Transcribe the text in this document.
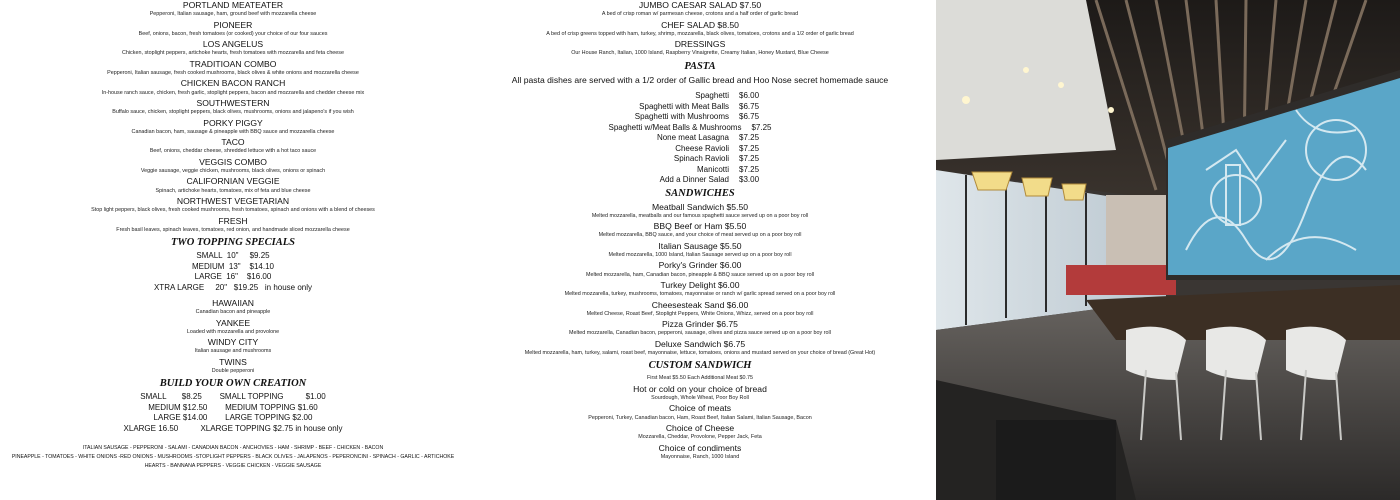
PORTLAND MEATEATER
Pepperoni, Italian sausage, ham, ground beef with mozzarella cheese
PIONEER
Beef, onions, bacon, fresh tomatoes (or cooked) your choice of our four sauces
LOS ANGELUS
Chicken, stoplight peppers, artichoke hearts, fresh tomatoes with mozzarella and feta cheese
TRADITIOAN COMBO
Pepperoni, Italian sausage, fresh cooked mushrooms, black olives & white onions and mozzarella cheese
CHICKEN BACON RANCH
In-house ranch sauce, chicken, fresh garlic, stoplight peppers, bacon and mozzarella and chedder cheese mix
SOUTHWESTERN
Buffalo sauce, chicken, stoplight peppers, black olives, mushrooms, onions and jalapeno's if you wish
PORKY PIGGY
Canadian bacon, ham, sausage & pineapple with BBQ sauce and mozzarella cheese
TACO
Beef, onions, cheddar cheese, shredded lettuce with a hot taco sauce
VEGGIS COMBO
Veggie sausage, veggie chicken, mushrooms, black olives, onions or spinach
CALIFORNIAN VEGGIE
Spinach, artichoke hearts, tomatoes, mix of feta and blue cheese
NORTHWEST VEGETARIAN
Stop light peppers, black olives, fresh cooked mushrooms, fresh tomatoes, spinach and onions with a blend of cheeses
FRESH
Fresh basil leaves, spinach leaves, tomatoes, red onion, and handmade sliced mozzarella cheese
TWO TOPPING SPECIALS
SMALL  10"     $9.25
MEDIUM  13"    $14.10
LARGE  16"    $16.00
XTRA LARGE     20"   $19.25   in house only
HAWAIIAN
Canadian bacon and pineapple
YANKEE
Loaded with mozzarella and provolone
WINDY CITY
Italian sausage and mushrooms
TWINS
Double pepperoni
BUILD YOUR OWN CREATION
SMALL       $8.25        SMALL TOPPING          $1.00
MEDIUM $12.50        MEDIUM TOPPING $1.60
LARGE $14.00        LARGE TOPPING $2.00
XLARGE 16.50          XLARGE TOPPING $2.75 in house only
ITALIAN SAUSAGE - PEPPERONI - SALAMI - CANADIAN BACON - ANCHOVIES - HAM - SHRIMP - BEEF - CHICKEN - BACON
PINEAPPLE - TOMATOES - WHITE ONIONS -RED ONIONS - MUSHROOMS -STOPLIGHT PEPPERS - BLACK OLIVES - JALAPENOS - PEPERONCINI - SPINACH - GARLIC - ARTICHOKE
HEARTS - BANNANA PEPPERS - VEGGIE CHICKEN - VEGGIE SAUSAGE
JUMBO CAESAR SALAD $7.50
A bed of crisp roman w/ parmesan cheese, crotons and a half order of garlic bread
CHEF SALAD $8.50
A bed of crisp greens topped with ham, turkey, shrimp, mozzarella, black olives, tomatoes, crotons and a 1/2 order of garlic bread
DRESSINGS
Our House Ranch, Italian, 1000 Island, Raspberry Vinaigrette, Creamy Italian, Honey Mustard, Blue Cheese
PASTA
All pasta dishes are served with a 1/2 order of Gallic bread and Hoo Nose secret homemade sauce
Spaghetti $6.00
Spaghetti with Meat Balls $6.75
Spaghetti with Mushrooms $6.75
Spaghetti w/Meat Balls & Mushrooms $7.25
None meat Lasagna $7.25
Cheese Ravioli $7.25
Spinach Ravioli $7.25
Manicotti $7.25
Add a Dinner Salad $3.00
SANDWICHES
Meatball Sandwich $5.50
Melted mozzarella, meatballs and our famous spaghetti sauce served up on a poor boy roll
BBQ Beef or Ham $5.50
Melted mozzarella, BBQ sauce, and your choice of meat served up on a poor boy roll
Italian Sausage $5.50
Melted mozzarella, 1000 Island, Italian Sausage served up on a poor boy roll
Porky's Grinder $6.00
Melted mozzarella, ham, Canadian bacon, pineapple & BBQ sauce served up on a poor boy roll
Turkey Delight $6.00
Melted mozzarella, turkey, mushrooms, tomatoes, mayonnaise or ranch w/ garlic spread served on a poor boy roll
Cheesesteak Sand $6.00
Melted Cheese, Roast Beef, Stoplight Peppers, White Onions, Whizz, served on a poor boy roll
Pizza Grinder $6.75
Melted mozzarella, Canadian bacon, pepperoni, sausage, olives and pizza sauce served up on a poor boy roll
Deluxe Sandwich $6.75
Melted mozzarella, ham, turkey, salami, roast beef, mayonnaise, lettuce, tomatoes, onions and mustard served on your choice of bread (Great Hot)
CUSTOM SANDWICH
First Meat $5.50 Each Additional Meat $0.75
Hot or cold on your choice of bread
Sourdough, Whole Wheat, Poor Boy Roll
Choice of meats
Pepperoni, Turkey, Canadian bacon, Ham, Roast Beef, Italian Salami, Italian Sausage, Bacon
Choice of Cheese
Mozzarella, Cheddar, Provolone, Pepper Jack, Feta
Choice of condiments
Mayonnaise, Ranch, 1000 Island
